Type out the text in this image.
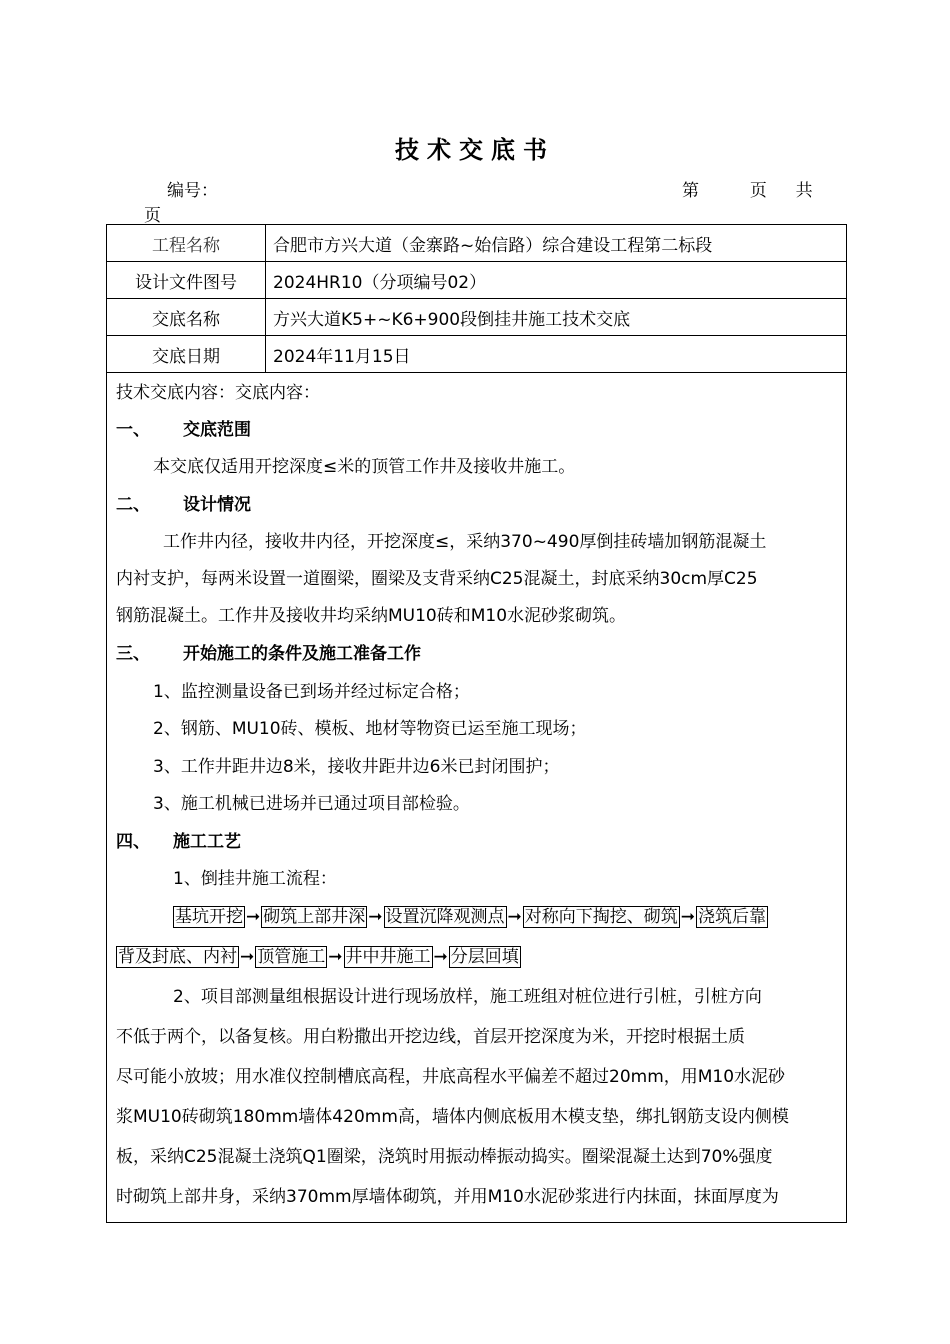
技术交底书
编号：	第	页 共
页
工程名称	合肥市方兴大道（金寨路~始信路）综合建设工程第二标段
设计文件图号	2024HR10（分项编号02）
交底名称	方兴大道K5+~K6+900段倒挂井施工技术交底
交底日期	2024年11月15日
技术交底内容：交底内容：
一、 交底范围
本交底仅适用开挖深度≤米的顶管工作井及接收井施工。
二、 设计情况
工作井内径，接收井内径，开挖深度≤，采纳370~490厚倒挂砖墙加钢筋混凝土
内衬支护，每两米设置一道圈梁，圈梁及支背采纳C25混凝土，封底采纳30cm厚C25
钢筋混凝土。工作井及接收井均采纳MU10砖和M10水泥砂浆砌筑。
三、 开始施工的条件及施工准备工作
1、监控测量设备已到场并经过标定合格；
2、钢筋、MU10砖、模板、地材等物资已运至施工现场；
3、工作井距井边8米，接收井距井边6米已封闭围护；
3、施工机械已进场并已通过项目部检验。
四、 施工工艺
1、倒挂井施工流程：
基坑开挖 ➞ 砌筑上部井深 ➞ 设置沉降观测点 ➞ 对称向下掏挖、砌筑 ➞ 浇筑后靠
背及封底、内衬 ➞ 顶管施工 ➞ 井中井施工 ➞ 分层回填
2、项目部测量组根据设计进行现场放样，施工班组对桩位进行引桩，引桩方向
不低于两个，以备复核。用白粉撒出开挖边线，首层开挖深度为米，开挖时根据土质
尽可能小放坡；用水准仪控制槽底高程，井底高程水平偏差不超过20mm，用M10水泥砂
浆MU10砖砌筑180mm墙体420mm高，墙体内侧底板用木模支垫，绑扎钢筋支设内侧模
板，采纳C25混凝土浇筑Q1圈梁，浇筑时用振动棒振动捣实。圈梁混凝土达到70%强度
时砌筑上部井身，采纳370mm厚墙体砌筑，并用M10水泥砂浆进行内抹面，抹面厚度为
